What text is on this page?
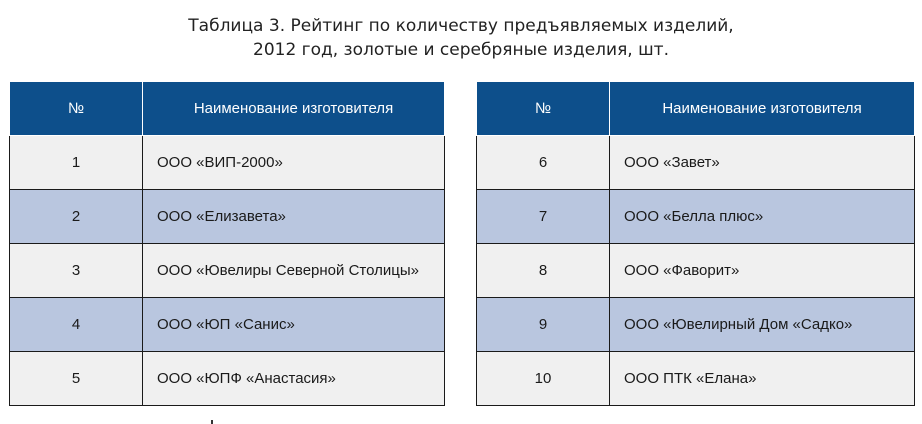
Таблица 3. Рейтинг по количеству предъявляемых изделий,
2012 год, золотые и серебряные изделия, шт.
№	Наименование изготовителя
1	ООО «ВИП-2000»
2	ООО «Елизавета»
3	ООО «Ювелиры Северной Столицы»
4	ООО «ЮП «Санис»
5	ООО «ЮПФ «Анастасия»
№	Наименование изготовителя
6	ООО «Завет»
7	ООО «Белла плюс»
8	ООО «Фаворит»
9	ООО «Ювелирный Дом «Садко»
10	ООО ПТК «Елана»
